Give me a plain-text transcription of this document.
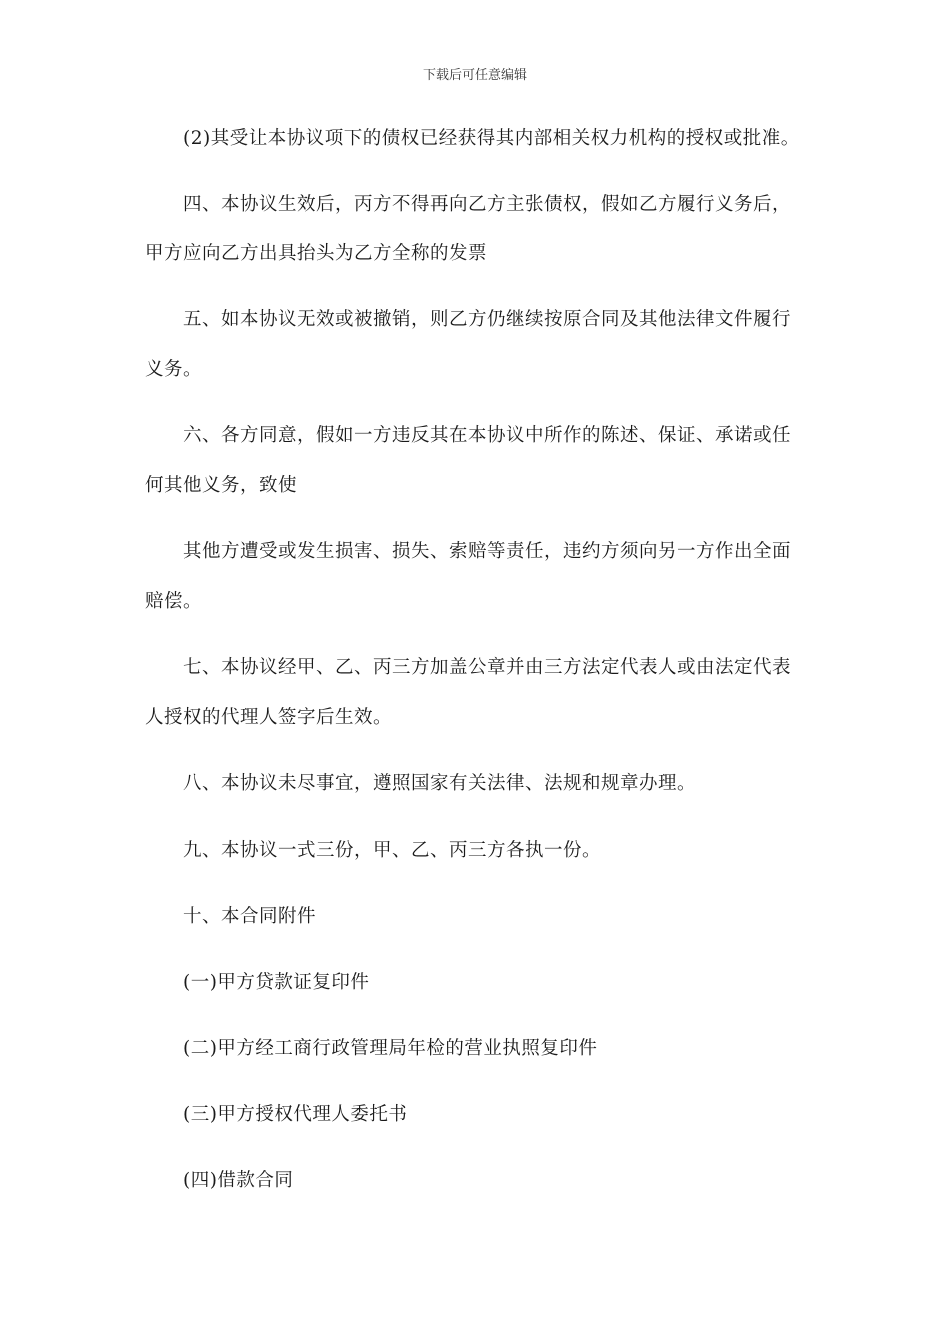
下载后可任意编辑
　　(2)其受让本协议项下的债权已经获得其内部相关权力机构的授权或批准。
　　四、本协议生效后，丙方不得再向乙方主张债权，假如乙方履行义务后，
甲方应向乙方出具抬头为乙方全称的发票
　　五、如本协议无效或被撤销，则乙方仍继续按原合同及其他法律文件履行
义务。
　　六、各方同意，假如一方违反其在本协议中所作的陈述、保证、承诺或任
何其他义务，致使
　　其他方遭受或发生损害、损失、索赔等责任，违约方须向另一方作出全面
赔偿。
　　七、本协议经甲、乙、丙三方加盖公章并由三方法定代表人或由法定代表
人授权的代理人签字后生效。
　　八、本协议未尽事宜，遵照国家有关法律、法规和规章办理。
　　九、本协议一式三份，甲、乙、丙三方各执一份。
　　十、本合同附件
　　(一)甲方贷款证复印件
　　(二)甲方经工商行政管理局年检的营业执照复印件
　　(三)甲方授权代理人委托书
　　(四)借款合同
